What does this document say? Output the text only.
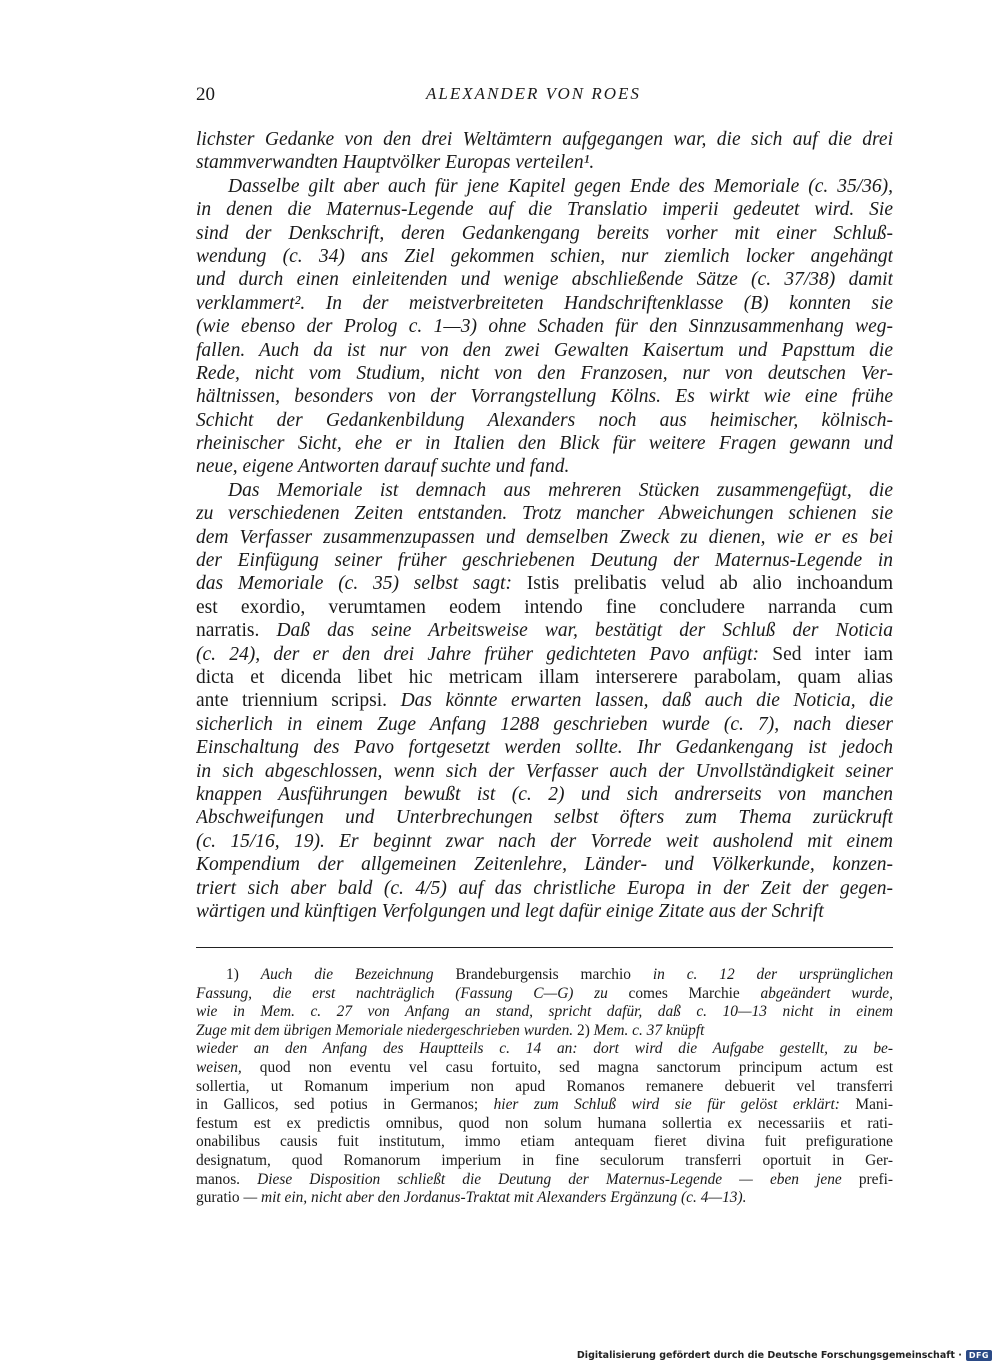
20	ALEXANDER VON ROES
lichster Gedanke von den drei Weltämtern aufgegangen war, die sich auf die drei
stammverwandten Hauptvölker Europas verteilen¹.
Dasselbe gilt aber auch für jene Kapitel gegen Ende des Memoriale (c. 35/36),
in denen die Maternus-Legende auf die Translatio imperii gedeutet wird. Sie
sind der Denkschrift, deren Gedankengang bereits vorher mit einer Schluß-
wendung (c. 34) ans Ziel gekommen schien, nur ziemlich locker angehängt
und durch einen einleitenden und wenige abschließende Sätze (c. 37/38) damit
verklammert². In der meistverbreiteten Handschriftenklasse (B) konnten sie
(wie ebenso der Prolog c. 1—3) ohne Schaden für den Sinnzusammenhang weg-
fallen. Auch da ist nur von den zwei Gewalten Kaisertum und Papsttum die
Rede, nicht vom Studium, nicht von den Franzosen, nur von deutschen Ver-
hältnissen, besonders von der Vorrangstellung Kölns. Es wirkt wie eine frühe
Schicht der Gedankenbildung Alexanders noch aus heimischer, kölnisch-
rheinischer Sicht, ehe er in Italien den Blick für weitere Fragen gewann und
neue, eigene Antworten darauf suchte und fand.
Das Memoriale ist demnach aus mehreren Stücken zusammengefügt, die
zu verschiedenen Zeiten entstanden. Trotz mancher Abweichungen schienen sie
dem Verfasser zusammenzupassen und demselben Zweck zu dienen, wie er es bei
der Einfügung seiner früher geschriebenen Deutung der Maternus-Legende in
das Memoriale (c. 35) selbst sagt: Istis prelibatis velud ab alio inchoandum
est exordio, verumtamen eodem intendo fine concludere narranda cum
narratis. Daß das seine Arbeitsweise war, bestätigt der Schluß der Noticia
(c. 24), der er den drei Jahre früher gedichteten Pavo anfügt: Sed inter iam
dicta et dicenda libet hic metricam illam interserere parabolam, quam alias
ante triennium scripsi. Das könnte erwarten lassen, daß auch die Noticia, die
sicherlich in einem Zuge Anfang 1288 geschrieben wurde (c. 7), nach dieser
Einschaltung des Pavo fortgesetzt werden sollte. Ihr Gedankengang ist jedoch
in sich abgeschlossen, wenn sich der Verfasser auch der Unvollständigkeit seiner
knappen Ausführungen bewußt ist (c. 2) und sich andrerseits von manchen
Abschweifungen und Unterbrechungen selbst öfters zum Thema zurückruft
(c. 15/16, 19). Er beginnt zwar nach der Vorrede weit ausholend mit einem
Kompendium der allgemeinen Zeitenlehre, Länder- und Völkerkunde, konzen-
triert sich aber bald (c. 4/5) auf das christliche Europa in der Zeit der gegen-
wärtigen und künftigen Verfolgungen und legt dafür einige Zitate aus der Schrift
1) Auch die Bezeichnung Brandeburgensis marchio in c. 12 der ursprünglichen
Fassung, die erst nachträglich (Fassung C—G) zu comes Marchie abgeändert wurde,
wie in Mem. c. 27 von Anfang an stand, spricht dafür, daß c. 10—13 nicht in einem
Zuge mit dem übrigen Memoriale niedergeschrieben wurden. 2) Mem. c. 37 knüpft
wieder an den Anfang des Hauptteils c. 14 an: dort wird die Aufgabe gestellt, zu be-
weisen, quod non eventu vel casu fortuito, sed magna sanctorum principum actum est
sollertia, ut Romanum imperium non apud Romanos remanere debuerit vel transferri
in Gallicos, sed potius in Germanos; hier zum Schluß wird sie für gelöst erklärt: Mani-
festum est ex predictis omnibus, quod non solum humana sollertia ex necessariis et rati-
onabilibus causis fuit institutum, immo etiam antequam fieret divina fuit prefiguratione
designatum, quod Romanorum imperium in fine seculorum transferri oportuit in Ger-
manos. Diese Disposition schließt die Deutung der Maternus-Legende — eben jene prefi-
guratio — mit ein, nicht aber den Jordanus-Traktat mit Alexanders Ergänzung (c. 4—13).
Digitalisierung gefördert durch die Deutsche Forschungsgemeinschaft · DFG
